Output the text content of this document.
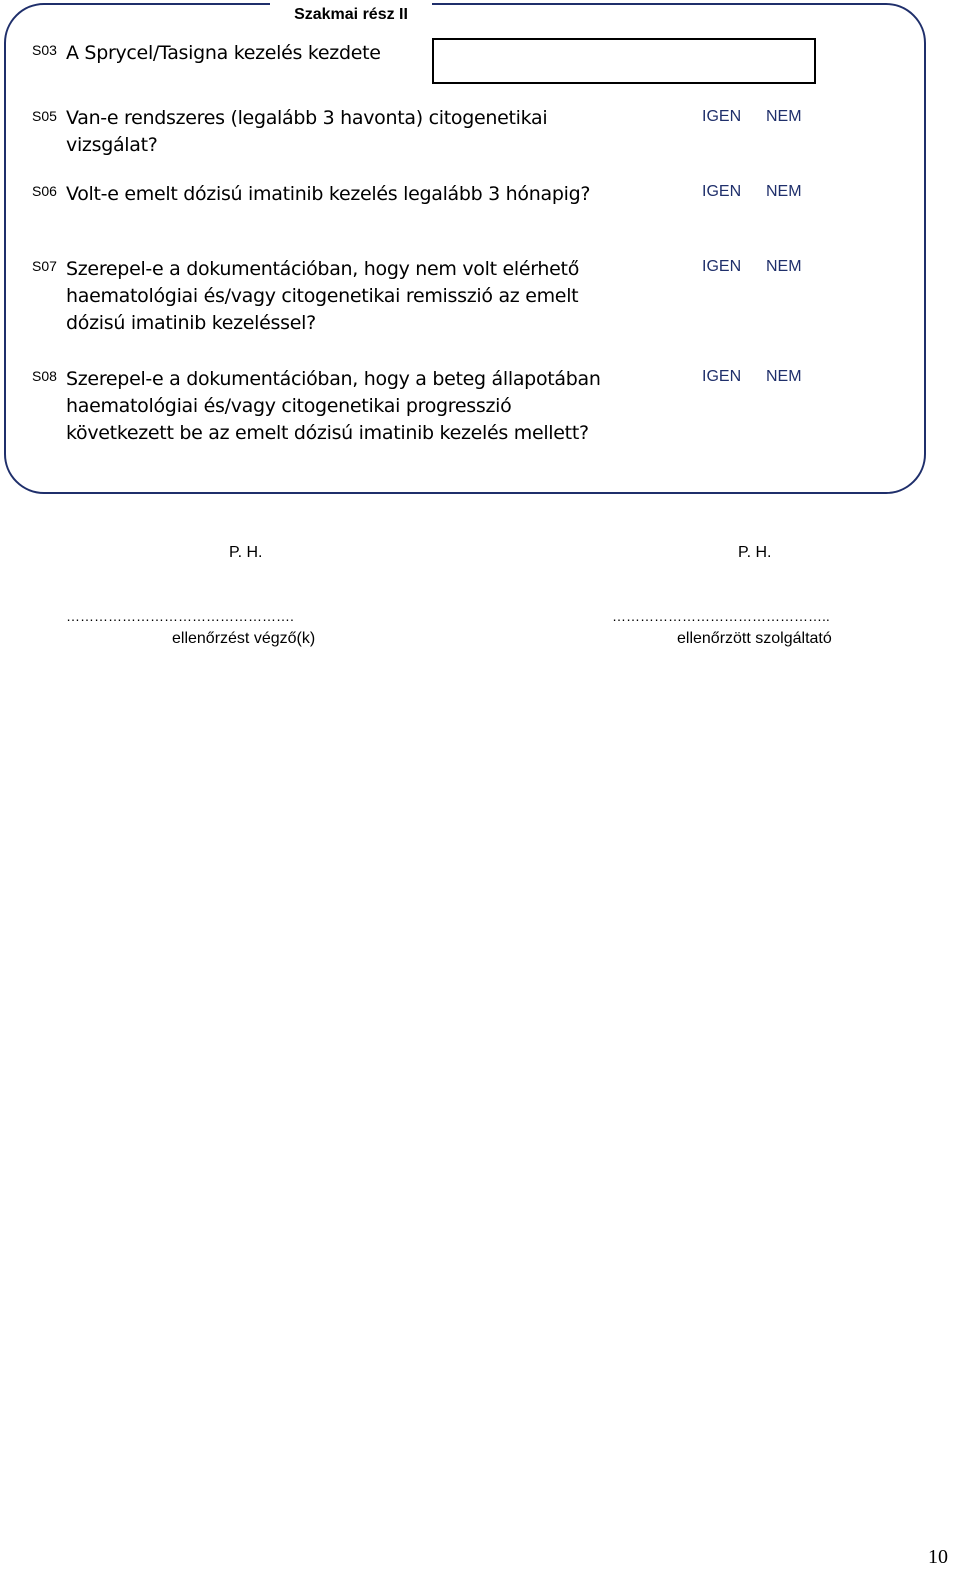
Szakmai rész II
S03 A Sprycel/Tasigna kezelés kezdete
S05 Van-e rendszeres (legalább 3 havonta) citogenetikai vizsgálat?
IGEN NEM
S06 Volt-e emelt dózisú imatinib kezelés legalább 3 hónapig?	IGEN NEM
S07 Szerepel-e a dokumentációban, hogy nem volt elérhető haematológiai és/vagy citogenetikai remisszió az emelt dózisú imatinib kezeléssel?
IGEN NEM
S08 Szerepel-e a dokumentációban, hogy a beteg állapotában haematológiai és/vagy citogenetikai progresszió következett be az emelt dózisú imatinib kezelés mellett?
IGEN NEM
P. H.	P. H.
………………………………………….	………………………………………..
ellenőrzést végző(k)	ellenőrzött szolgáltató
10
